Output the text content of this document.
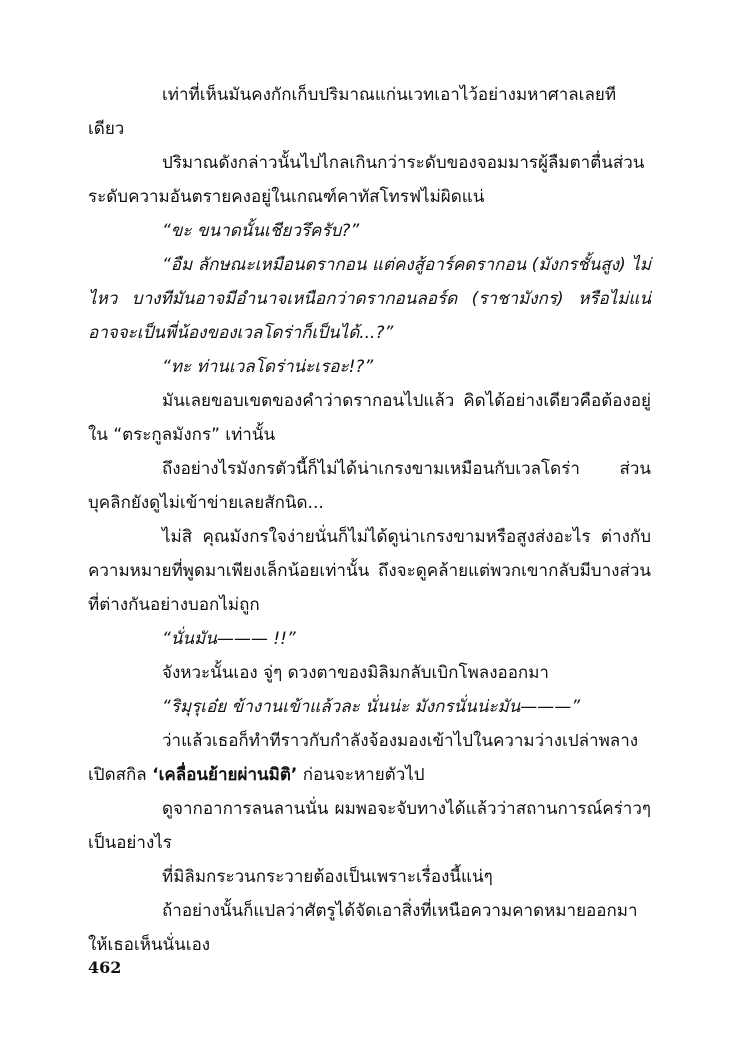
เท่าที่เห็นมันคงกักเก็บปริมาณแก่นเวทเอาไว้อย่างมหาศาลเลยทีเดียว

ปริมาณดังกล่าวนั้นไปไกลเกินกว่าระดับของจอมมารผู้ลืมตาตื่นส่วนระดับความอันตรายคงอยู่ในเกณฑ์คาทัสโทรฟไม่ผิดแน่

“ขะ ขนาดนั้นเชียวรึครับ?”

“อืม ลักษณะเหมือนดรากอน แต่คงสู้อาร์คดรากอน (มังกรชั้นสูง) ไม่ไหว บางทีมันอาจมีอำนาจเหนือกว่าดรากอนลอร์ด (ราชามังกร) หรือไม่แน่อาจจะเป็นพี่น้องของเวลโดร่าก็เป็นได้...?”

“ทะ ท่านเวลโดร่าน่ะเรอะ!?”

มันเลยขอบเขตของคำว่าดรากอนไปแล้ว คิดได้อย่างเดียวคือต้องอยู่ใน “ตระกูลมังกร” เท่านั้น

ถึงอย่างไรมังกรตัวนี้ก็ไม่ได้น่าเกรงขามเหมือนกับเวลโดร่า ส่วนบุคลิกยังดูไม่เข้าข่ายเลยสักนิด...

ไม่สิ คุณมังกรใจง่ายนั่นก็ไม่ได้ดูน่าเกรงขามหรือสูงส่งอะไร ต่างกับความหมายที่พูดมาเพียงเล็กน้อยเท่านั้น ถึงจะดูคล้ายแต่พวกเขากลับมีบางส่วนที่ต่างกันอย่างบอกไม่ถูก

“นั่นมัน——— !!”

จังหวะนั้นเอง จู่ๆ ดวงตาของมิลิมกลับเบิกโพลงออกมา

“ริมุรุเอ๋ย ข้างานเข้าแล้วละ นั่นน่ะ มังกรนั่นน่ะมัน———”

ว่าแล้วเธอก็ทำทีราวกับกำลังจ้องมองเข้าไปในความว่างเปล่าพลางเปิดสกิล ‘เคลื่อนย้ายผ่านมิติ’ ก่อนจะหายตัวไป

ดูจากอาการลนลานนั่น ผมพอจะจับทางได้แล้วว่าสถานการณ์คร่าวๆ เป็นอย่างไร

ที่มิลิมกระวนกระวายต้องเป็นเพราะเรื่องนี้แน่ๆ

ถ้าอย่างนั้นก็แปลว่าศัตรูได้จัดเอาสิ่งที่เหนือความคาดหมายออกมาให้เธอเห็นนั่นเอง

462
